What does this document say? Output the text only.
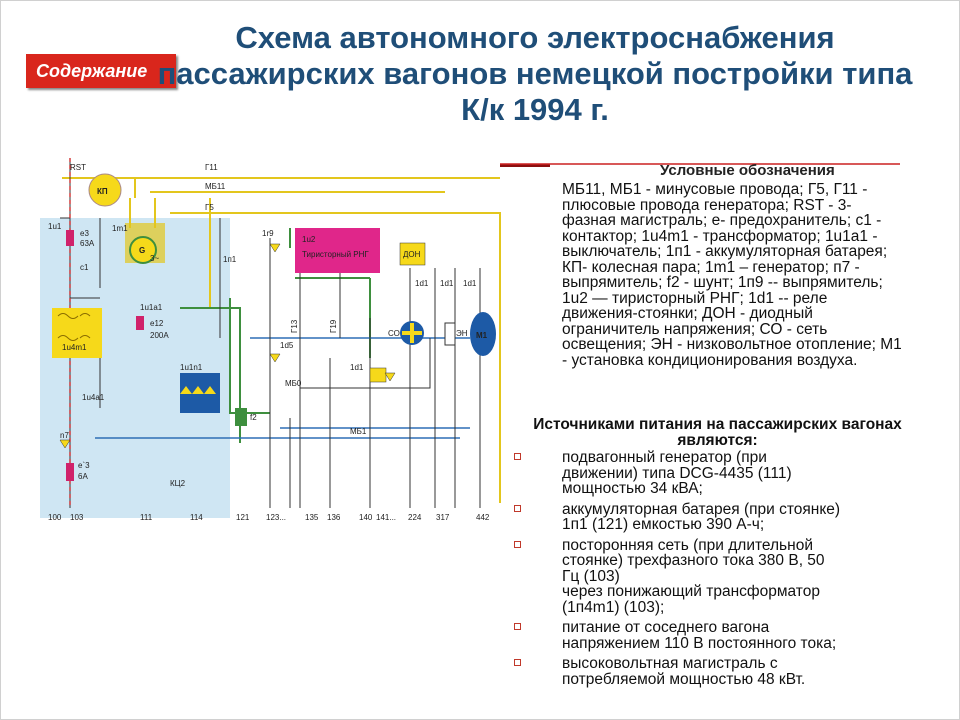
Содержание
Схема автономного электроснабжения пассажирских вагонов немецкой постройки типа К/к 1994 г.
КП
G
3~
1m1
1u2
Тиристорный РНГ	ДОН
СО	ЭН М1
RST	Г11
МБ11
Г5
1u1
e3
63A
c1
1u4m1
1u4a1
n7
e`3
6A
1u1a1
e12
200A
1u1n1
КЦ2
1п1
1r9
1d5
Г13	Г19
МБ0
МБ1
f2
1d1
1d1 1d1 1d1
100 103	111	114	121 123... 135 136 140 141... 224 317	442
Условные обозначения
МБ11, МБ1 - минусовые провода; Г5, Г11 - плюсовые провода генератора; RST - 3-фазная магистраль; е- предохранитель; с1 - контактор; 1u4m1 - трансформатор; 1u1a1 - выключатель; 1п1 - аккумуляторная батарея; КП- колесная пара; 1m1 – генератор; п7 - выпрямитель; f2 - шунт; 1п9 -- выпрямитель; 1u2 — тиристорный РНГ; 1d1 -- реле движения-стоянки; ДОН - диодный ограничитель напряжения; СО - сеть освещения; ЭН - низковольтное отопление; М1 - установка кондиционирования воздуха.
Источниками питания на пассажирских вагонах являются:
подвагонный генератор (при
движении) типа DCG-4435 (111)
мощностью 34 кВА;
аккумуляторная батарея (при стоянке)
1п1 (121) емкостью 390 А-ч;
посторонняя сеть (при длительной
стоянке) трехфазного тока 380 В, 50
Гц (103)
через понижающий трансформатор
(1п4m1) (103);
питание от соседнего вагона
напряжением 110 В постоянного тока;
высоковольтная магистраль с
потребляемой мощностью 48 кВт.
